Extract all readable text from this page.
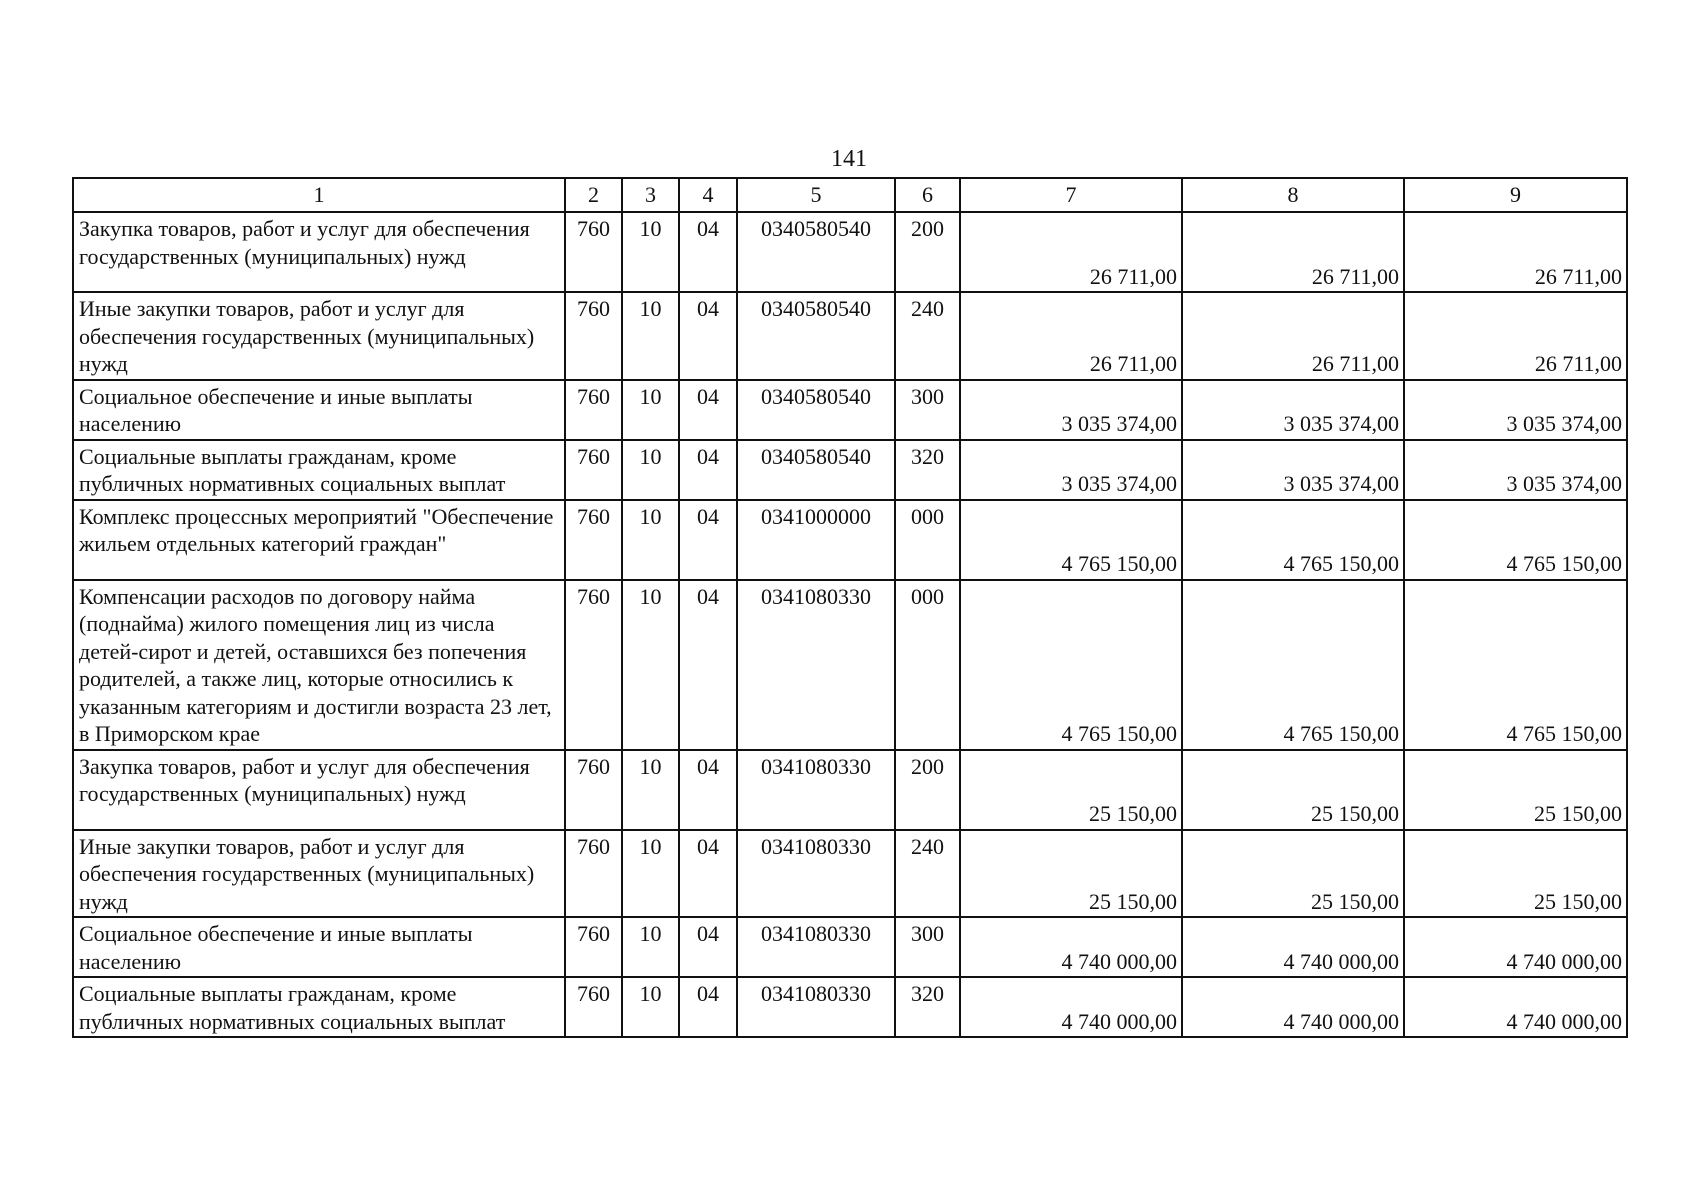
141
1	2	3	4	5	6	7	8	9
Закупка товаров, работ и услуг для обеспечения государственных (муниципальных) нужд	760	10	04	0340580540	200	26 711,00	26 711,00	26 711,00
Иные закупки товаров, работ и услуг для обеспечения государственных (муниципальных) нужд	760	10	04	0340580540	240	26 711,00	26 711,00	26 711,00
Социальное обеспечение и иные выплаты населению	760	10	04	0340580540	300	3 035 374,00	3 035 374,00	3 035 374,00
Социальные выплаты гражданам, кроме публичных нормативных социальных выплат	760	10	04	0340580540	320	3 035 374,00	3 035 374,00	3 035 374,00
Комплекс процессных мероприятий "Обеспечение жильем отдельных категорий граждан"	760	10	04	0341000000	000	4 765 150,00	4 765 150,00	4 765 150,00
Компенсации расходов по договору найма (поднайма) жилого помещения лиц из числа детей-сирот и детей, оставшихся без попечения родителей, а также лиц, которые относились к указанным категориям и достигли возраста 23 лет, в Приморском крае	760	10	04	0341080330	000	4 765 150,00	4 765 150,00	4 765 150,00
Закупка товаров, работ и услуг для обеспечения государственных (муниципальных) нужд	760	10	04	0341080330	200	25 150,00	25 150,00	25 150,00
Иные закупки товаров, работ и услуг для обеспечения государственных (муниципальных) нужд	760	10	04	0341080330	240	25 150,00	25 150,00	25 150,00
Социальное обеспечение и иные выплаты населению	760	10	04	0341080330	300	4 740 000,00	4 740 000,00	4 740 000,00
Социальные выплаты гражданам, кроме публичных нормативных социальных выплат	760	10	04	0341080330	320	4 740 000,00	4 740 000,00	4 740 000,00
